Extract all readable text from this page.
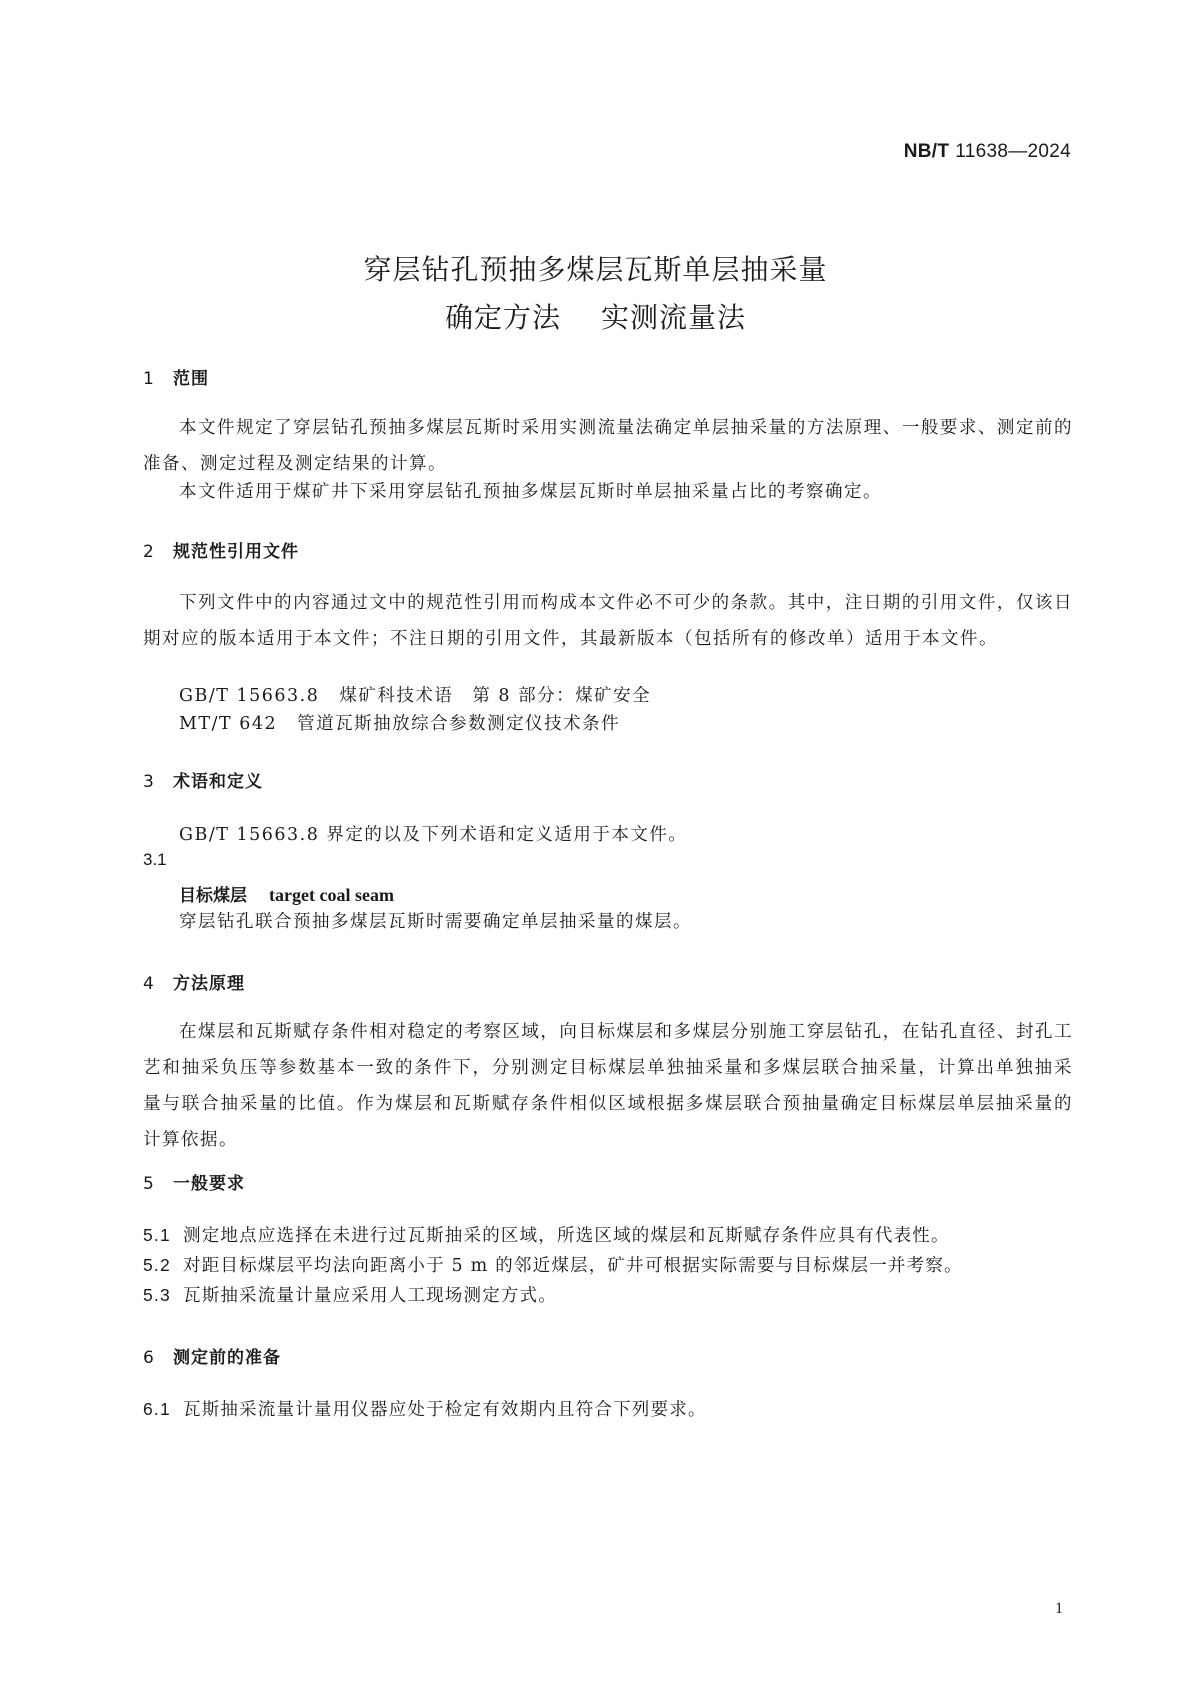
NB/T 11638—2024
穿层钻孔预抽多煤层瓦斯单层抽采量
确定方法 实测流量法
1 范围
本文件规定了穿层钻孔预抽多煤层瓦斯时采用实测流量法确定单层抽采量的方法原理、一般要求、测定前的准备、测定过程及测定结果的计算。
本文件适用于煤矿井下采用穿层钻孔预抽多煤层瓦斯时单层抽采量占比的考察确定。
2 规范性引用文件
下列文件中的内容通过文中的规范性引用而构成本文件必不可少的条款。其中，注日期的引用文件，仅该日期对应的版本适用于本文件；不注日期的引用文件，其最新版本（包括所有的修改单）适用于本文件。
GB/T 15663.8 煤矿科技术语　第 8 部分：煤矿安全
MT/T 642 管道瓦斯抽放综合参数测定仪技术条件
3 术语和定义
GB/T 15663.8 界定的以及下列术语和定义适用于本文件。
3.1
目标煤层 target coal seam
穿层钻孔联合预抽多煤层瓦斯时需要确定单层抽采量的煤层。
4 方法原理
在煤层和瓦斯赋存条件相对稳定的考察区域，向目标煤层和多煤层分别施工穿层钻孔，在钻孔直径、封孔工艺和抽采负压等参数基本一致的条件下，分别测定目标煤层单独抽采量和多煤层联合抽采量，计算出单独抽采量与联合抽采量的比值。作为煤层和瓦斯赋存条件相似区域根据多煤层联合预抽量确定目标煤层单层抽采量的计算依据。
5 一般要求
5.1 测定地点应选择在未进行过瓦斯抽采的区域，所选区域的煤层和瓦斯赋存条件应具有代表性。
5.2 对距目标煤层平均法向距离小于 5 m 的邻近煤层，矿井可根据实际需要与目标煤层一并考察。
5.3 瓦斯抽采流量计量应采用人工现场测定方式。
6 测定前的准备
6.1 瓦斯抽采流量计量用仪器应处于检定有效期内且符合下列要求。
1
